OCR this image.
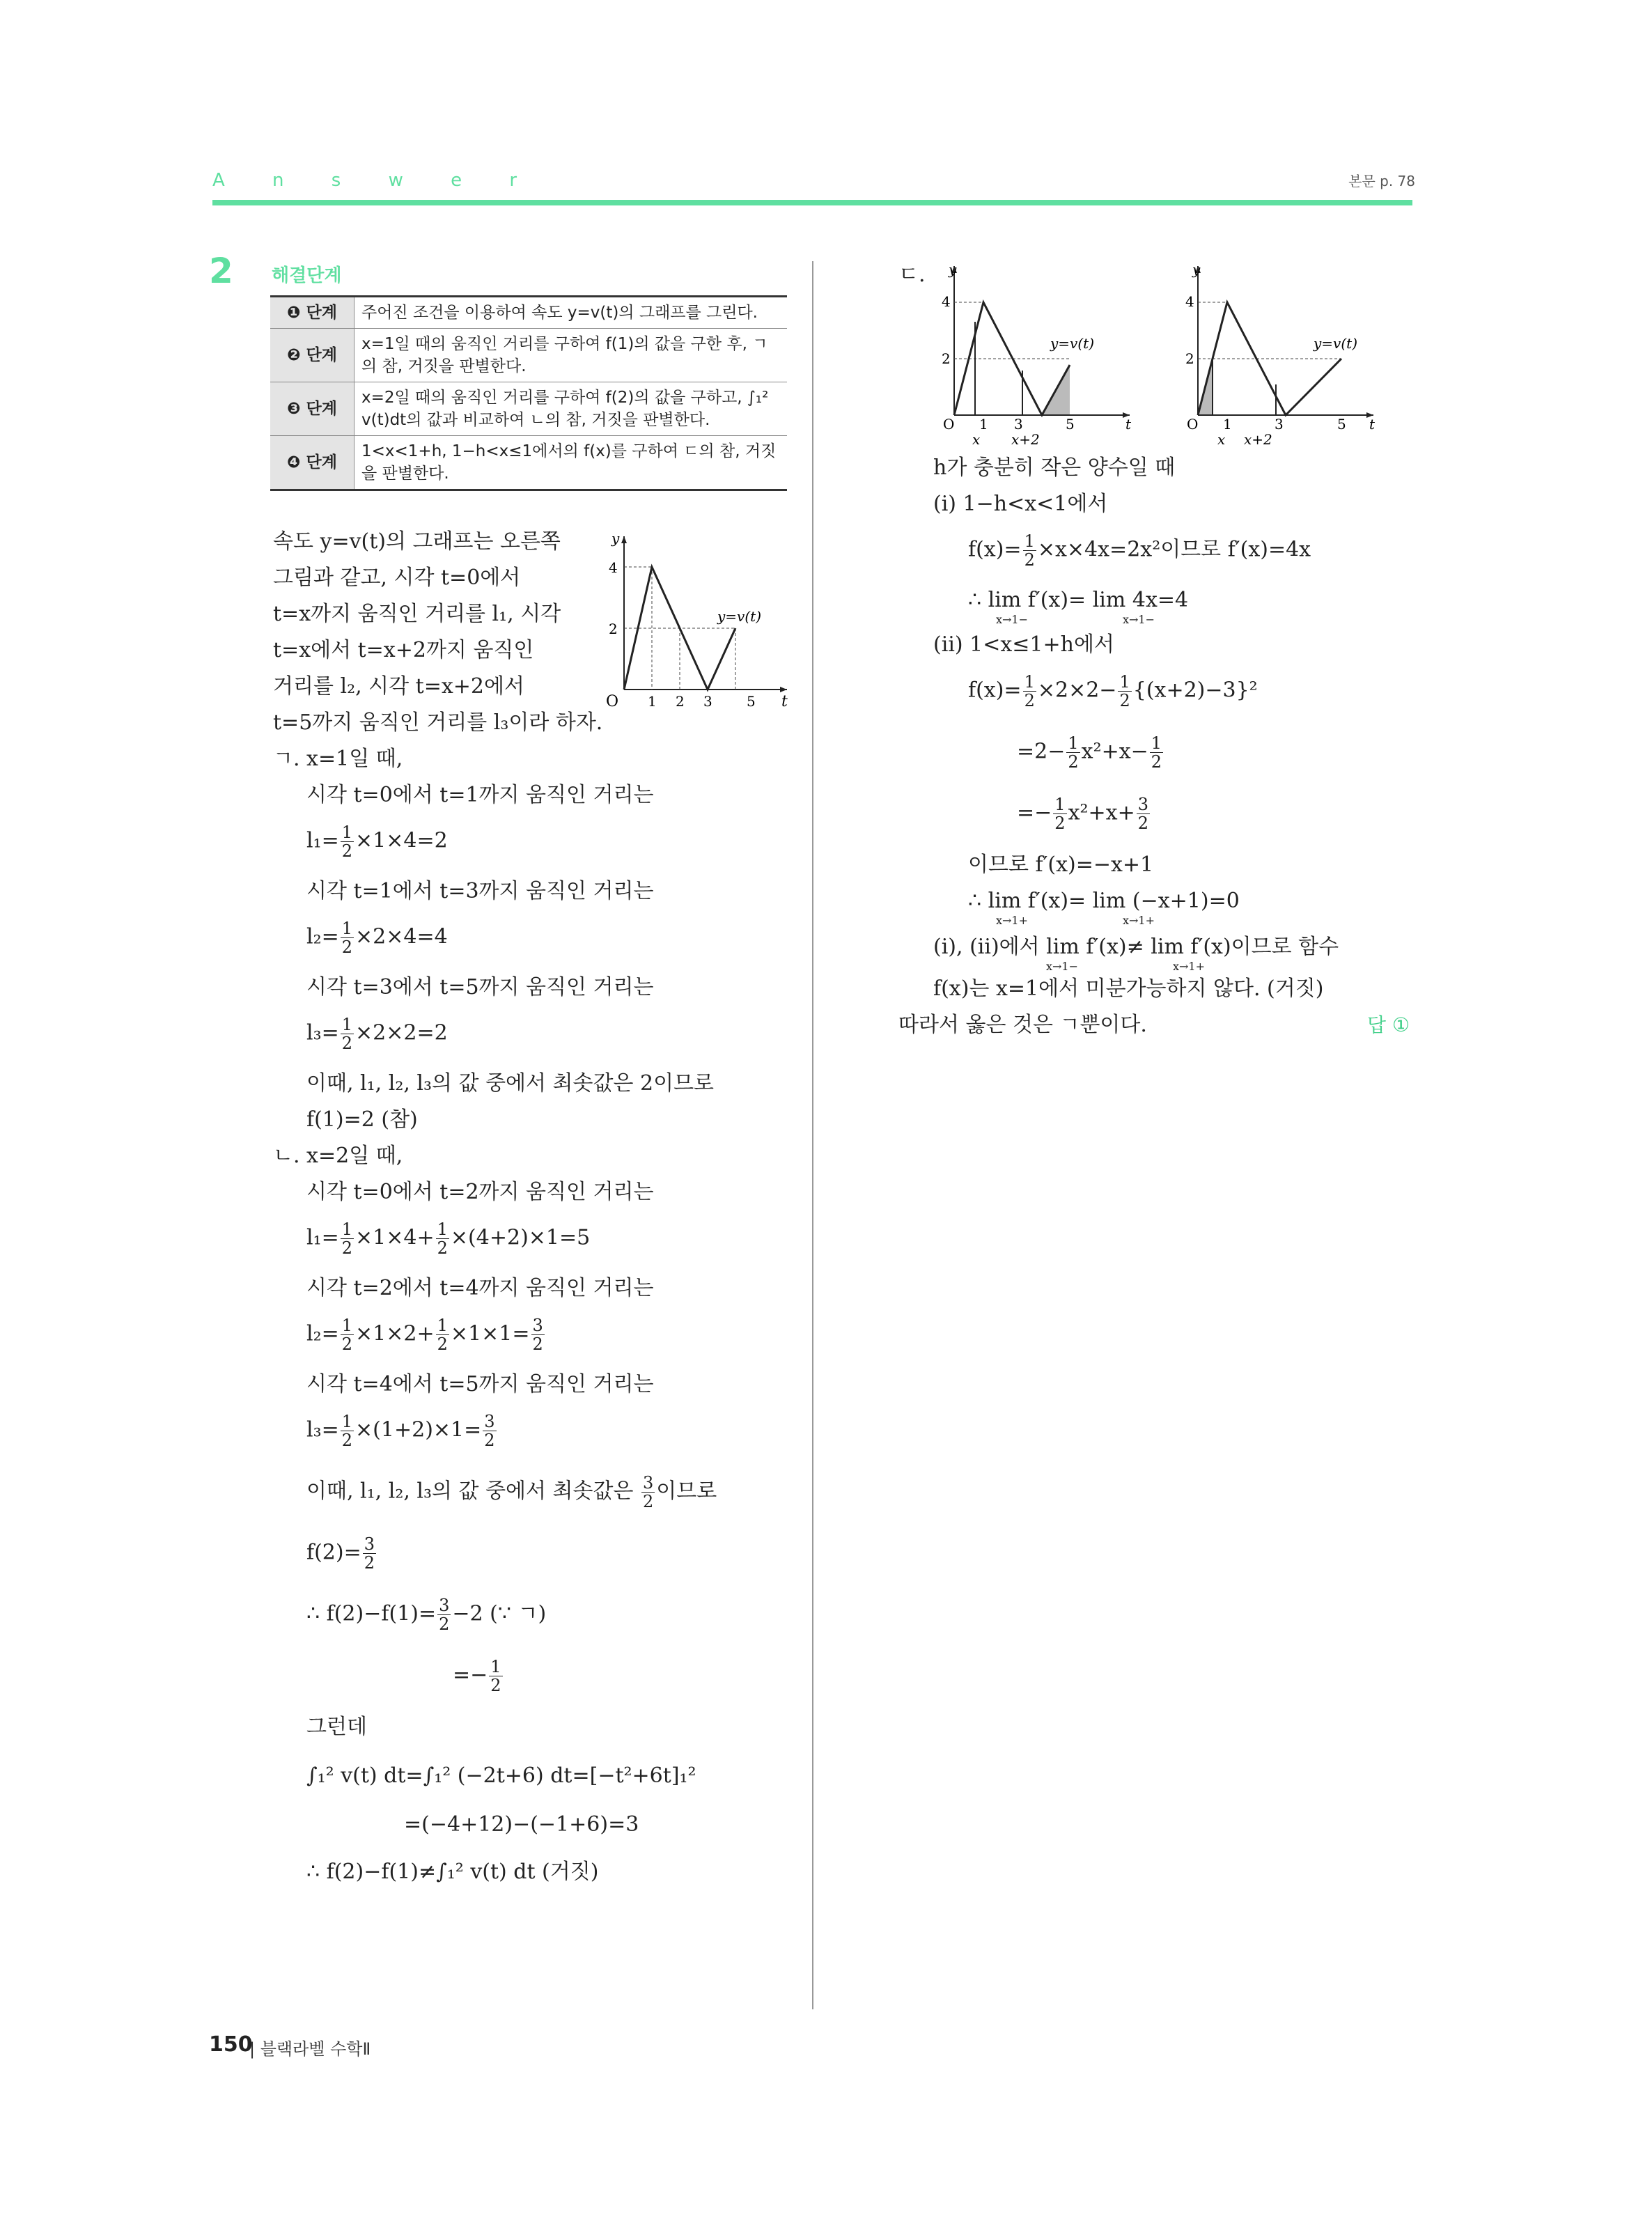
A n s w e r	본문 p. 78
2 해결단계
❶ 단계	주어진 조건을 이용하여 속도 y=v(t)의 그래프를 그린다.
❷ 단계	x=1일 때의 움직인 거리를 구하여 f(1)의 값을 구한 후, ㄱ의 참, 거짓을 판별한다.
❸ 단계	x=2일 때의 움직인 거리를 구하여 f(2)의 값을 구하고, ∫₁² v(t)dt의 값과 비교하여 ㄴ의 참, 거짓을 판별한다.
❹ 단계	1<x<1+h, 1−h<x≤1에서의 f(x)를 구하여 ㄷ의 참, 거짓을 판별한다.
속도 y=v(t)의 그래프는 오른쪽
그림과 같고, 시각 t=0에서
t=x까지 움직인 거리를 l₁, 시각
t=x에서 t=x+2까지 움직인
거리를 l₂, 시각 t=x+2에서
t=5까지 움직인 거리를 l₃이라 하자.
y
t
O
2
4
1 2 3 5
y=v(t)
ㄱ. x=1일 때,
시각 t=0에서 t=1까지 움직인 거리는
$l_1= \frac{1}{2} \times 1\times 4=2$
시각 t=1에서 t=3까지 움직인 거리는
$l_2= \frac{1}{2} \times 2\times 4=4$
시각 t=3에서 t=5까지 움직인 거리는
$l_3= \frac{1}{2} \times 2\times 2=2$
이때, l₁, l₂, l₃의 값 중에서 최솟값은 2이므로
f(1)=2 (참)
ㄴ. x=2일 때,
시각 t=0에서 t=2까지 움직인 거리는
$l_1= \frac{1}{2} \times 1\times 4+ \frac{1}{2} \times(4+2)\times 1=5$
시각 t=2에서 t=4까지 움직인 거리는
$l_2= \frac{1}{2} \times 1\times 2+ \frac{1}{2} \times 1\times 1= \frac{3}{2}$
시각 t=4에서 t=5까지 움직인 거리는
$l_3= \frac{1}{2} \times(1+2)\times 1= \frac{3}{2}$
이때, l₁, l₂, l₃의 값 중에서 최솟값은 $\frac{3}{2}$ 이므로
$f(2)= \frac{3}{2}$
∴ $f(2)-f(1)= \frac{3}{2} -2$ (∵ ㄱ)
=− $\frac{1}{2}$
그런데
∫₁² v(t) dt=∫₁² (−2t+6) dt=[−t²+6t]₁²
=(−4+12)−(−1+6)=3
∴ f(2)−f(1)≠∫₁² v(t) dt (거짓)
ㄷ. y
t
O
2
4
1 3	5
x x+2
y=v(t)
y
t
O
2
4
1	3	5
x x+2
y=v(t)
h가 충분히 작은 양수일 때
(ⅰ) 1−h<x<1에서
$f(x)= \frac{1}{2} \times x\times 4x=2x^2$이므로 f′(x)=4x
∴ lim f′(x)= lim 4x=4
x→1−	x→1−
(ⅱ) 1<x≤1+h에서
$f(x)= \frac{1}{2} \times 2\times 2- \frac{1}{2} \{(x+2)-3\}^2$
$=2- \frac{1}{2} x^2+x- \frac{1}{2}$
=− $\frac{1}{2} x^2+x+ \frac{3}{2}$
이므로 f′(x)=−x+1
∴ lim f′(x)= lim (−x+1)=0
x→1+	x→1+
(ⅰ), (ⅱ)에서 lim f′(x)≠ lim f′(x)이므로 함수
x→1−	x→1+
f(x)는 x=1에서 미분가능하지 않다. (거짓)
따라서 옳은 것은 ㄱ뿐이다.	답 ①
150
| 블랙라벨 수학Ⅱ
